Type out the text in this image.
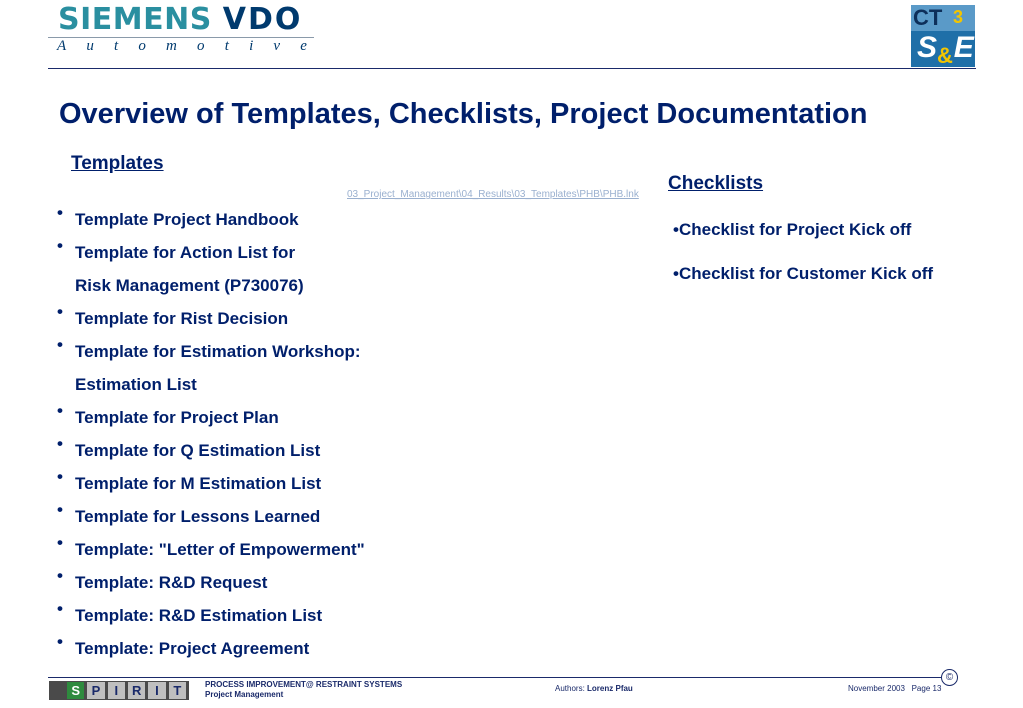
SIEMENS VDO
A u t o m o t i v e
CT 3
S E
&
Overview of Templates, Checklists, Project Documentation
Templates
• Template Project Handbook
• Template for Action List for
Risk Management (P730076)
• Template for Rist Decision
• Template for Estimation Workshop:
Estimation List
• Template for Project Plan
• Template for Q Estimation List
• Template for M Estimation List
• Template for Lessons Learned
• Template: "Letter of Empowerment"
• Template: R&D Request
• Template: R&D Estimation List
• Template: Project Agreement
03_Project_Management\04_Results\03_Templates\PHB\PHB.lnk
Checklists
•Checklist for Project Kick off
•Checklist for Customer Kick off
©
S P	I	R	I	T	PROCESS IMPROVEMENT@ RESTRAINT SYSTEMS
Project Management
Authors: Lorenz Pfau	November 2003 Page 13
